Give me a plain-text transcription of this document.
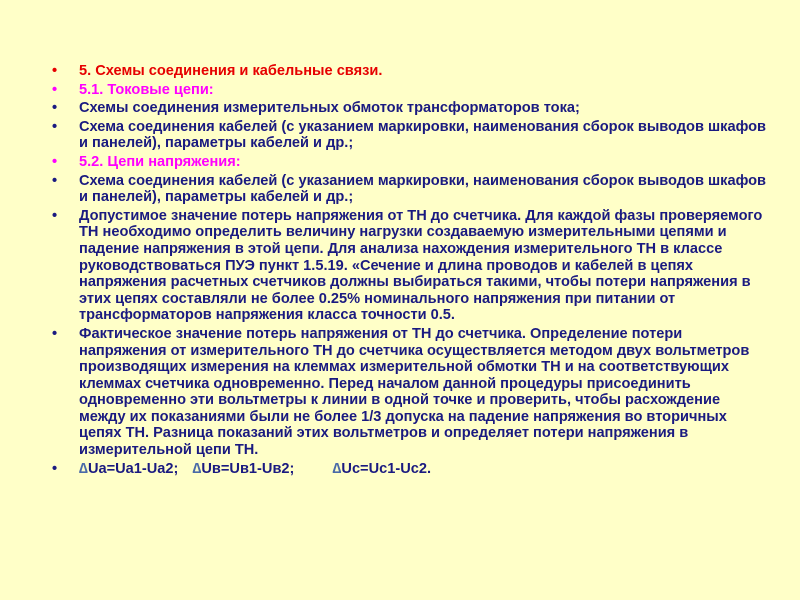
• 5. Схемы соединения и кабельные связи.
• 5.1. Токовые цепи:
• Схемы соединения измерительных обмоток трансформаторов тока;
• Схема соединения кабелей (с указанием маркировки, наименования сборок выводов шкафов и панелей), параметры кабелей и др.;
• 5.2. Цепи напряжения:
• Схема соединения кабелей (с указанием маркировки, наименования сборок выводов шкафов и панелей), параметры кабелей и др.;
• Допустимое значение потерь напряжения от ТН до счетчика. Для каждой фазы проверяемого ТН необходимо определить величину нагрузки создаваемую измерительными цепями и падение напряжения в этой цепи. Для анализа нахождения измерительного ТН в классе руководствоваться ПУЭ пункт 1.5.19. «Сечение и длина проводов и кабелей в цепях напряжения расчетных счетчиков должны выбираться такими, чтобы потери напряжения в этих цепях составляли не более 0.25% номинального напряжения при питании от трансформаторов напряжения класса точности 0.5.
• Фактическое значение потерь напряжения от ТН до счетчика. Определение потери напряжения от измерительного ТН до счетчика осуществляется методом двух вольтметров производящих измерения на клеммах измерительной обмотки ТН и на соответствующих клеммах счетчика одновременно. Перед началом данной процедуры присоединить одновременно эти вольтметры к линии в одной точке и проверить, чтобы расхождение между их показаниями были не более 1/3 допуска на падение напряжения во вторичных цепях ТН. Разница показаний этих вольтметров и определяет потери напряжения в измерительной цепи ТН.
• ∆Ua=Ua1-Ua2; ∆Uв=Uв1-Uв2;	∆Uc=Uc1-Uc2.
